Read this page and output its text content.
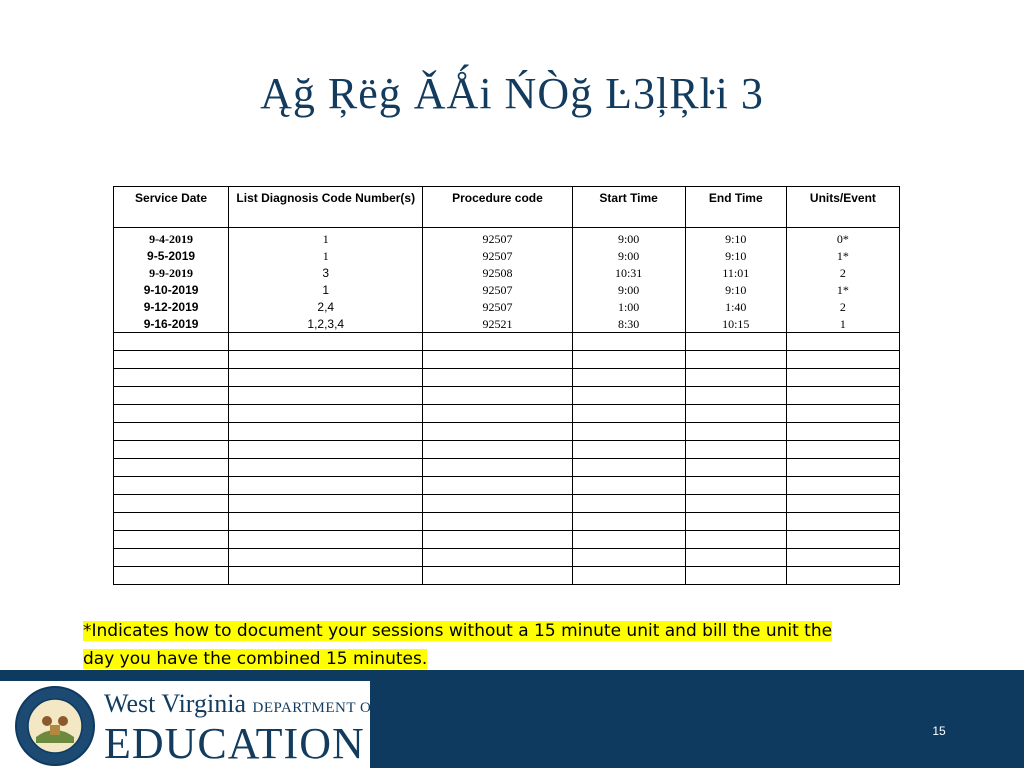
Ąğ Ŗëġ ǍǺi ŃÒğ Ŀ3ļŖŀi 3
Service Date	List Diagnosis Code Number(s)	Procedure code	Start Time	End Time	Units/Event
9-4-2019	1	92507	9:00	9:10	0*
9-5-2019	1	92507	9:00	9:10	1*
9-9-2019	3	92508	10:31	11:01	2
9-10-2019	1	92507	9:00	9:10	1*
9-12-2019	2,4	92507	1:00	1:40	2
9-16-2019	1,2,3,4	92521	8:30	10:15	1

*Indicates how to document your sessions without a 15 minute unit and bill the unit the
day you have the combined 15 minutes.
West Virginia DEPARTMENT OF
EDUCATION	15
